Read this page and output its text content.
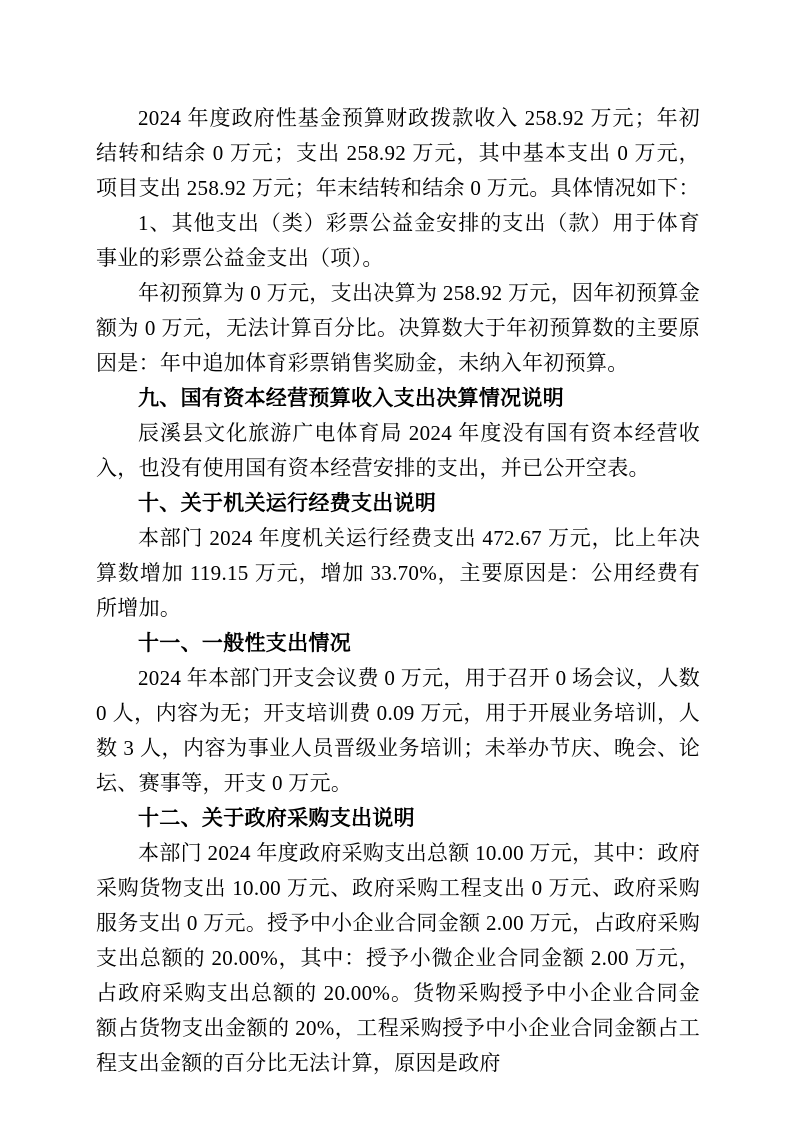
2024 年度政府性基金预算财政拨款收入 258.92 万元；年初结转和结余 0 万元；支出 258.92 万元，其中基本支出 0 万元，项目支出 258.92 万元；年末结转和结余 0 万元。具体情况如下：

1、其他支出（类）彩票公益金安排的支出（款）用于体育事业的彩票公益金支出（项）。

年初预算为 0 万元，支出决算为 258.92 万元，因年初预算金额为 0 万元，无法计算百分比。决算数大于年初预算数的主要原因是：年中追加体育彩票销售奖励金，未纳入年初预算。

九、国有资本经营预算收入支出决算情况说明

辰溪县文化旅游广电体育局 2024 年度没有国有资本经营收入，也没有使用国有资本经营安排的支出，并已公开空表。

十、关于机关运行经费支出说明

本部门 2024 年度机关运行经费支出 472.67 万元，比上年决算数增加 119.15 万元，增加 33.70%，主要原因是：公用经费有所增加。

十一、一般性支出情况

2024 年本部门开支会议费 0 万元，用于召开 0 场会议，人数 0 人，内容为无；开支培训费 0.09 万元，用于开展业务培训，人数 3 人，内容为事业人员晋级业务培训；未举办节庆、晚会、论坛、赛事等，开支 0 万元。

十二、关于政府采购支出说明

本部门 2024 年度政府采购支出总额 10.00 万元，其中：政府采购货物支出 10.00 万元、政府采购工程支出 0 万元、政府采购服务支出 0 万元。授予中小企业合同金额 2.00 万元，占政府采购支出总额的 20.00%，其中：授予小微企业合同金额 2.00 万元，占政府采购支出总额的 20.00%。货物采购授予中小企业合同金额占货物支出金额的 20%，工程采购授予中小企业合同金额占工程支出金额的百分比无法计算，原因是政府
